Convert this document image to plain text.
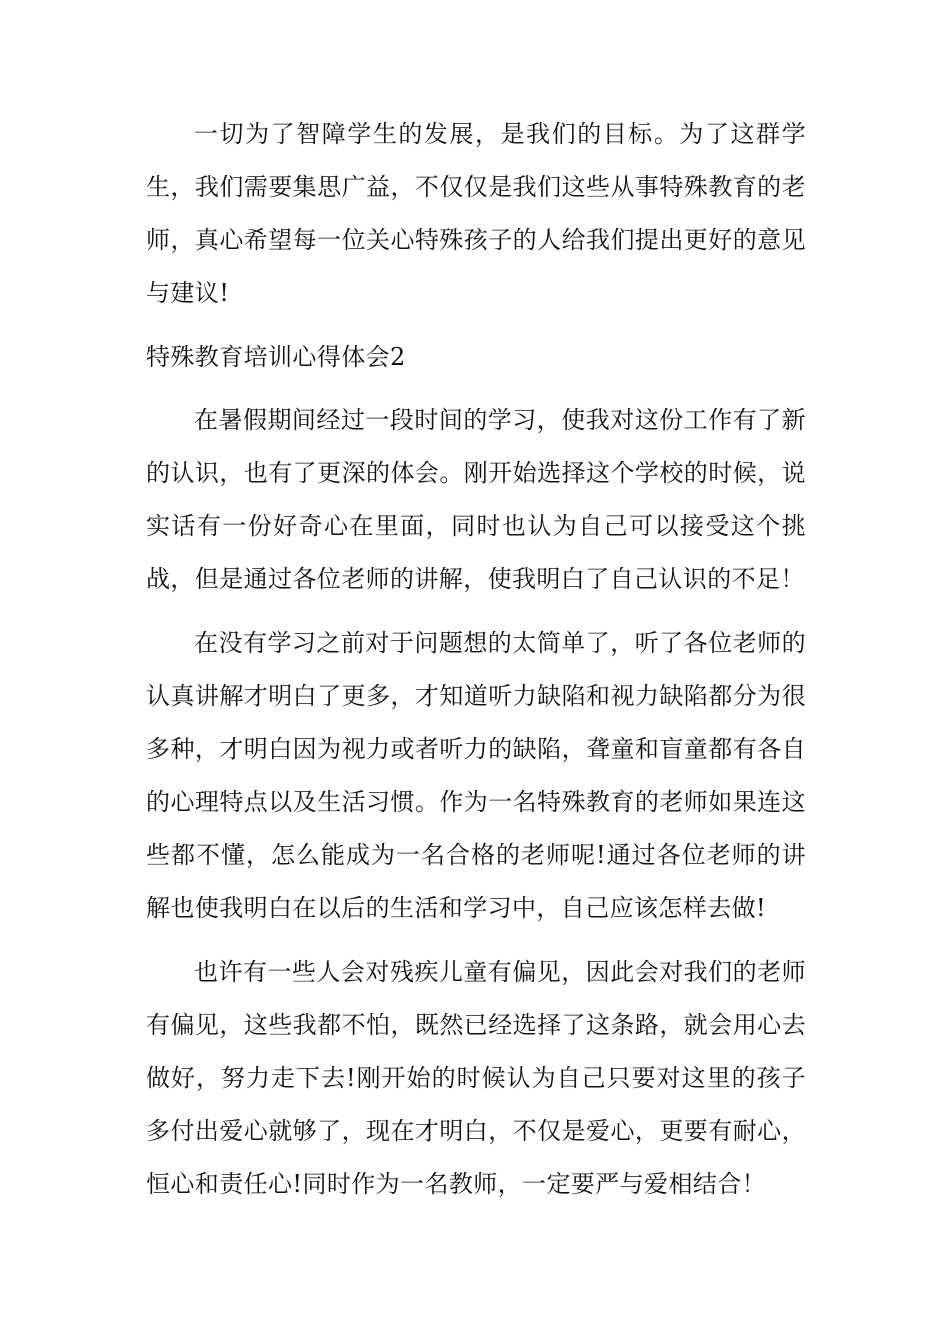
一切为了智障学生的发展，是我们的目标。为了这群学生，我们需要集思广益，不仅仅是我们这些从事特殊教育的老师，真心希望每一位关心特殊孩子的人给我们提出更好的意见与建议!

特殊教育培训心得体会2

在暑假期间经过一段时间的学习，使我对这份工作有了新的认识，也有了更深的体会。刚开始选择这个学校的时候，说实话有一份好奇心在里面，同时也认为自己可以接受这个挑战，但是通过各位老师的讲解，使我明白了自己认识的不足！

在没有学习之前对于问题想的太简单了，听了各位老师的认真讲解才明白了更多，才知道听力缺陷和视力缺陷都分为很多种，才明白因为视力或者听力的缺陷，聋童和盲童都有各自的心理特点以及生活习惯。作为一名特殊教育的老师如果连这些都不懂，怎么能成为一名合格的老师呢!通过各位老师的讲解也使我明白在以后的生活和学习中，自己应该怎样去做!

也许有一些人会对残疾儿童有偏见，因此会对我们的老师有偏见，这些我都不怕，既然已经选择了这条路，就会用心去做好，努力走下去!刚开始的时候认为自己只要对这里的孩子多付出爱心就够了，现在才明白，不仅是爱心，更要有耐心，恒心和责任心!同时作为一名教师，一定要严与爱相结合！
